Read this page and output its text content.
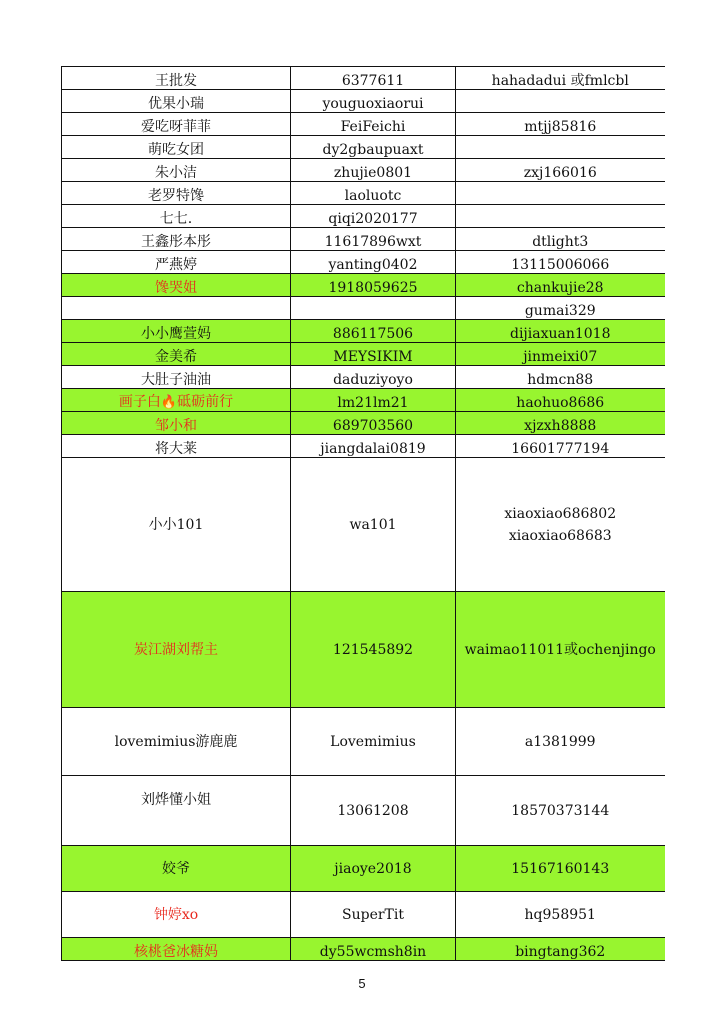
王批发	6377611	hahadadui 或fmlcbl
优果小瑞	youguoxiaorui	
爱吃呀菲菲	FeiFeichi	mtjj85816
萌吃女团	dy2gbaupuaxt	
朱小洁	zhujie0801	zxj166016
老罗特馋	laoluotc	
七七.	qiqi2020177	
王鑫彤本彤	11617896wxt	dtlight3
严燕婷	yanting0402	13115006066
馋哭姐	1918059625	chankujie28
		gumai329
小小鹰萱妈	886117506	dijiaxuan1018
金美希	MEYSIKIM	jinmeixi07
大肚子油油	daduziyoyo	hdmcn88
画子白🔥砥砺前行	lm21lm21	haohuo8686
邹小和	689703560	xjzxh8888
将大莱	jiangdalai0819	16601777194
小小101	wa101	xiaoxiao686802
xiaoxiao68683

炭江湖刘帮主	121545892	waimao11011或ochenjingo
lovemimius游鹿鹿	Lovemimius	a1381999
刘烨懂小姐	13061208	18570373144
姣爷	jiaoye2018	15167160143
钟婷xo	SuperTit	hq958951
核桃爸冰糖妈	dy55wcmsh8in	bingtang362
5
